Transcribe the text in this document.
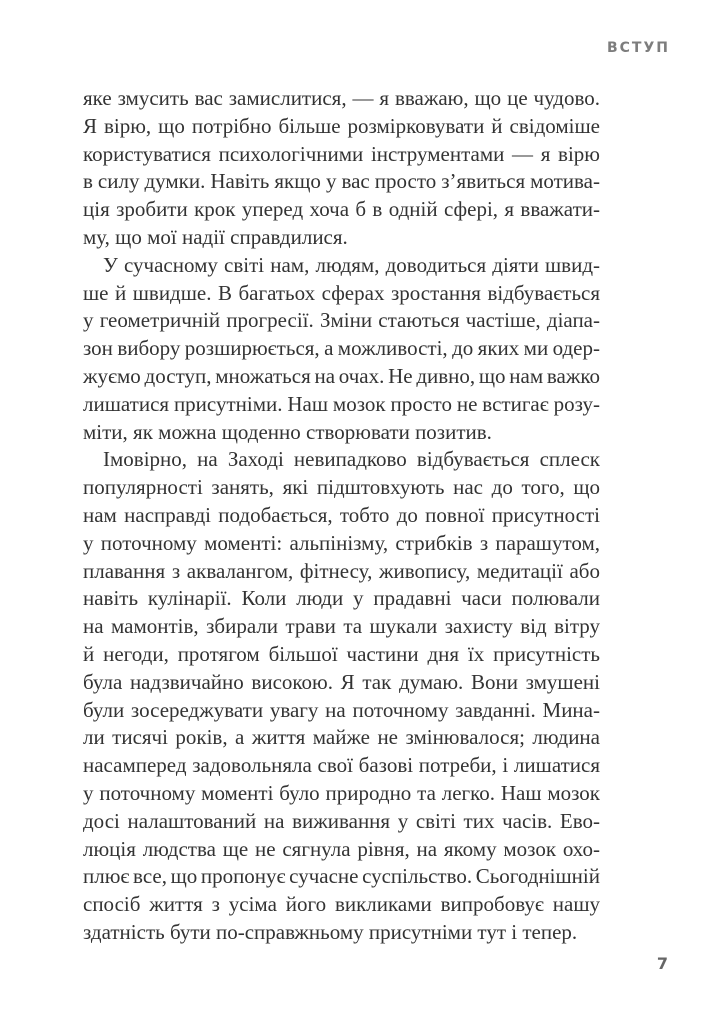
ВСТУП

яке змусить вас замислитися, — я вважаю, що це чудово.
Я вірю, що потрібно більше розмірковувати й свідоміше
користуватися психологічними інструментами — я вірю
в силу думки. Навіть якщо у вас просто з’явиться мотива-
ція зробити крок уперед хоча б в одній сфері, я вважати-
му, що мої надії справдилися.

У сучасному світі нам, людям, доводиться діяти швид-
ше й швидше. В багатьох сферах зростання відбувається
у геометричній прогресії. Зміни стаються частіше, діапа-
зон вибору розширюється, а можливості, до яких ми одер-
жуємо доступ, множаться на очах. Не дивно, що нам важко
лишатися присутніми. Наш мозок просто не встигає розу-
міти, як можна щоденно створювати позитив.

Імовірно, на Заході невипадково відбувається сплеск
популярності занять, які підштовхують нас до того, що
нам насправді подобається, тобто до повної присутності
у поточному моменті: альпінізму, стрибків з парашутом,
плавання з аквалангом, фітнесу, живопису, медитації або
навіть кулінарії. Коли люди у прадавні часи полювали
на мамонтів, збирали трави та шукали захисту від вітру
й негоди, протягом більшої частини дня їх присутність
була надзвичайно високою. Я так думаю. Вони змушені
були зосереджувати увагу на поточному завданні. Мина-
ли тисячі років, а життя майже не змінювалося; людина
насамперед задовольняла свої базові потреби, і лишатися
у поточному моменті було природно та легко. Наш мозок
досі налаштований на виживання у світі тих часів. Ево-
люція людства ще не сягнула рівня, на якому мозок охо-
плює все, що пропонує сучасне суспільство. Сьогоднішній
спосіб життя з усіма його викликами випробовує нашу
здатність бути по-справжньому присутніми тут і тепер.

7
